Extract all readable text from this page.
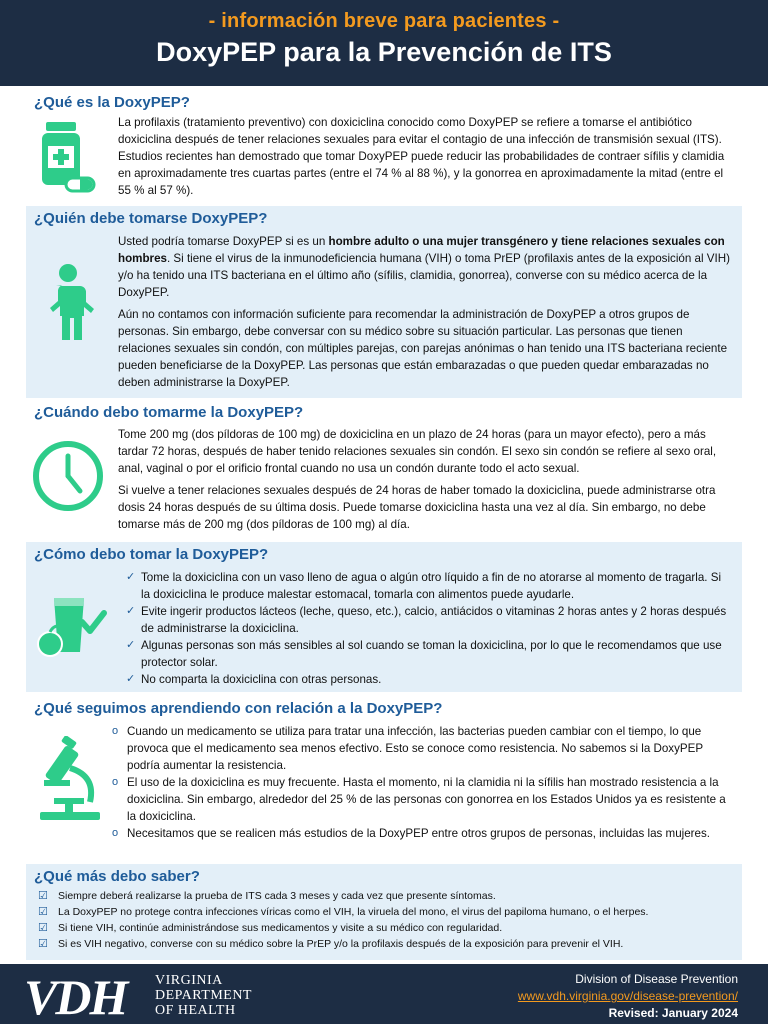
- información breve para pacientes -
DoxyPEP para la Prevención de ITS
¿Qué es la DoxyPEP?

La profilaxis (tratamiento preventivo) con doxiciclina conocido como DoxyPEP se refiere a tomarse el antibiótico doxiciclina después de tener relaciones sexuales para evitar el contagio de una infección de transmisión sexual (ITS). Estudios recientes han demostrado que tomar DoxyPEP puede reducir las probabilidades de contraer sífilis y clamidia en aproximadamente tres cuartas partes (entre el 74 % al 88 %), y la gonorrea en aproximadamente la mitad (entre el 55 % al 57 %).

¿Quién debe tomarse DoxyPEP?

Usted podría tomarse DoxyPEP si es un hombre adulto o una mujer transgénero y tiene relaciones sexuales con hombres. Si tiene el virus de la inmunodeficiencia humana (VIH) o toma PrEP (profilaxis antes de la exposición al VIH) y/o ha tenido una ITS bacteriana en el último año (sífilis, clamidia, gonorrea), converse con su médico acerca de la DoxyPEP.

Aún no contamos con información suficiente para recomendar la administración de DoxyPEP a otros grupos de personas. Sin embargo, debe conversar con su médico sobre su situación particular. Las personas que tienen relaciones sexuales sin condón, con múltiples parejas, con parejas anónimas o han tenido una ITS bacteriana reciente pueden beneficiarse de la DoxyPEP. Las personas que están embarazadas o que pueden quedar embarazadas no deben administrarse la DoxyPEP.

¿Cuándo debo tomarme la DoxyPEP?

Tome 200 mg (dos píldoras de 100 mg) de doxiciclina en un plazo de 24 horas (para un mayor efecto), pero a más tardar 72 horas, después de haber tenido relaciones sexuales sin condón. El sexo sin condón se refiere al sexo oral, anal, vaginal o por el orificio frontal cuando no usa un condón durante todo el acto sexual.

Si vuelve a tener relaciones sexuales después de 24 horas de haber tomado la doxiciclina, puede administrarse otra dosis 24 horas después de su última dosis. Puede tomarse doxiciclina hasta una vez al día. Sin embargo, no debe tomarse más de 200 mg (dos píldoras de 100 mg) al día.

¿Cómo debo tomar la DoxyPEP?
✓ Tome la doxiciclina con un vaso lleno de agua o algún otro líquido a fin de no atorarse al momento de tragarla. Si la doxiciclina le produce malestar estomacal, tomarla con alimentos puede ayudarle.
✓ Evite ingerir productos lácteos (leche, queso, etc.), calcio, antiácidos o vitaminas 2 horas antes y 2 horas después de administrarse la doxiciclina.
✓ Algunas personas son más sensibles al sol cuando se toman la doxiciclina, por lo que le recomendamos que use protector solar.
✓ No comparta la doxiciclina con otras personas.
¿Qué seguimos aprendiendo con relación a la DoxyPEP?
o Cuando un medicamento se utiliza para tratar una infección, las bacterias pueden cambiar con el tiempo, lo que provoca que el medicamento sea menos efectivo. Esto se conoce como resistencia. No sabemos si la DoxyPEP podría aumentar la resistencia.
o El uso de la doxiciclina es muy frecuente. Hasta el momento, ni la clamidia ni la sífilis han mostrado resistencia a la doxiciclina. Sin embargo, alrededor del 25 % de las personas con gonorrea en los Estados Unidos ya es resistente a la doxiciclina.
o Necesitamos que se realicen más estudios de la DoxyPEP entre otros grupos de personas, incluidas las mujeres.
¿Qué más debo saber?
☑ Siempre deberá realizarse la prueba de ITS cada 3 meses y cada vez que presente síntomas.
☑ La DoxyPEP no protege contra infecciones víricas como el VIH, la viruela del mono, el virus del papiloma humano, o el herpes.
☑ Si tiene VIH, continúe administrándose sus medicamentos y visite a su médico con regularidad.
☑ Si es VIH negativo, converse con su médico sobre la PrEP y/o la profilaxis después de la exposición para prevenir el VIH.
VDH VIRGINIA
DEPARTMENT
OF HEALTH
Division of Disease Prevention
www.vdh.virginia.gov/disease-prevention/
Revised: January 2024
